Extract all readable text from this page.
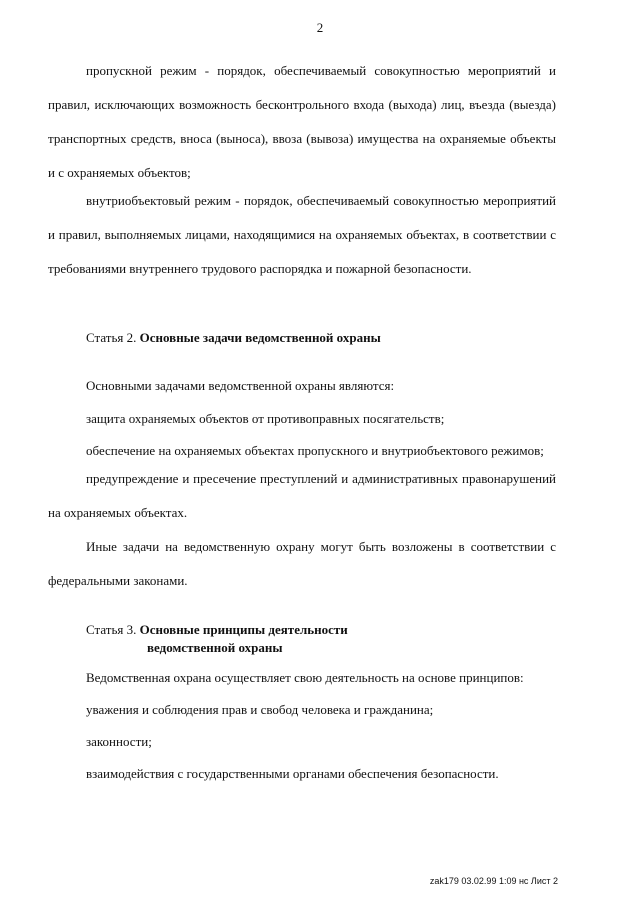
2

пропускной режим - порядок, обеспечиваемый совокупностью мероприятий и правил, исключающих возможность бесконтрольного входа (выхода) лиц, въезда (выезда) транспортных средств, вноса (выноса), ввоза (вывоза) имущества на охраняемые объекты и с охраняемых объектов;

внутриобъектовый режим - порядок, обеспечиваемый совокупностью мероприятий и правил, выполняемых лицами, находящимися на охраняемых объектах, в соответствии с требованиями внутреннего трудового распорядка и пожарной безопасности.

Статья 2. Основные задачи ведомственной охраны

Основными задачами ведомственной охраны являются:

защита охраняемых объектов от противоправных посягательств;

обеспечение на охраняемых объектах пропускного и внутриобъектового режимов;

предупреждение и пресечение преступлений и административных правонарушений на охраняемых объектах.

Иные задачи на ведомственную охрану могут быть возложены в соответствии с федеральными законами.

Статья 3. Основные принципы деятельности
ведомственной охраны

Ведомственная охрана осуществляет свою деятельность на основе принципов:

уважения и соблюдения прав и свобод человека и гражданина;

законности;

взаимодействия с государственными органами обеспечения безопасности.

zak179 03.02.99 1:09 нс Лист 2
